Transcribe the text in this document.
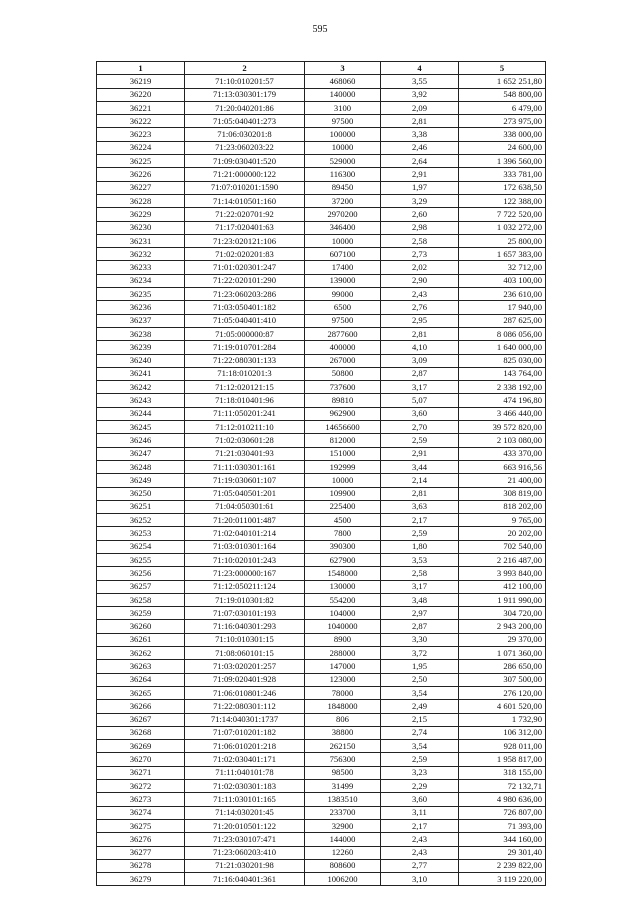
595
1	2	3	4	5
36219	71:10:010201:57	468060	3,55	1 652 251,80
36220	71:13:030301:179	140000	3,92	548 800,00
36221	71:20:040201:86	3100	2,09	6 479,00
36222	71:05:040401:273	97500	2,81	273 975,00
36223	71:06:030201:8	100000	3,38	338 000,00
36224	71:23:060203:22	10000	2,46	24 600,00
36225	71:09:030401:520	529000	2,64	1 396 560,00
36226	71:21:000000:122	116300	2,91	333 781,00
36227	71:07:010201:1590	89450	1,97	172 638,50
36228	71:14:010501:160	37200	3,29	122 388,00
36229	71:22:020701:92	2970200	2,60	7 722 520,00
36230	71:17:020401:63	346400	2,98	1 032 272,00
36231	71:23:020121:106	10000	2,58	25 800,00
36232	71:02:020201:83	607100	2,73	1 657 383,00
36233	71:01:020301:247	17400	2,02	32 712,00
36234	71:22:020101:290	139000	2,90	403 100,00
36235	71:23:060203:286	99000	2,43	236 610,00
36236	71:03:050401:182	6500	2,76	17 940,00
36237	71:05:040401:410	97500	2,95	287 625,00
36238	71:05:000000:87	2877600	2,81	8 086 056,00
36239	71:19:010701:284	400000	4,10	1 640 000,00
36240	71:22:080301:133	267000	3,09	825 030,00
36241	71:18:010201:3	50800	2,87	143 764,00
36242	71:12:020121:15	737600	3,17	2 338 192,00
36243	71:18:010401:96	89810	5,07	474 196,80
36244	71:11:050201:241	962900	3,60	3 466 440,00
36245	71:12:010211:10	14656600	2,70	39 572 820,00
36246	71:02:030601:28	812000	2,59	2 103 080,00
36247	71:21:030401:93	151000	2,91	433 370,00
36248	71:11:030301:161	192999	3,44	663 916,56
36249	71:19:030601:107	10000	2,14	21 400,00
36250	71:05:040501:201	109900	2,81	308 819,00
36251	71:04:050301:61	225400	3,63	818 202,00
36252	71:20:011001:487	4500	2,17	9 765,00
36253	71:02:040101:214	7800	2,59	20 202,00
36254	71:03:010301:164	390300	1,80	702 540,00
36255	71:10:020101:243	627900	3,53	2 216 487,00
36256	71:23:000000:167	1548000	2,58	3 993 840,00
36257	71:12:050211:124	130000	3,17	412 100,00
36258	71:19:010301:82	554200	3,48	1 911 990,00
36259	71:07:030101:193	104000	2,97	304 720,00
36260	71:16:040301:293	1040000	2,87	2 943 200,00
36261	71:10:010301:15	8900	3,30	29 370,00
36262	71:08:060101:15	288000	3,72	1 071 360,00
36263	71:03:020201:257	147000	1,95	286 650,00
36264	71:09:020401:928	123000	2,50	307 500,00
36265	71:06:010801:246	78000	3,54	276 120,00
36266	71:22:080301:112	1848000	2,49	4 601 520,00
36267	71:14:040301:1737	806	2,15	1 732,90
36268	71:07:010201:182	38800	2,74	106 312,00
36269	71:06:010201:218	262150	3,54	928 011,00
36270	71:02:030401:171	756300	2,59	1 958 817,00
36271	71:11:040101:78	98500	3,23	318 155,00
36272	71:02:030301:183	31499	2,29	72 132,71
36273	71:11:030101:165	1383510	3,60	4 980 636,00
36274	71:14:030201:45	233700	3,11	726 807,00
36275	71:20:010501:122	32900	2,17	71 393,00
36276	71:23:030107:471	144000	2,43	344 160,00
36277	71:23:060203:410	12260	2,43	29 301,40
36278	71:21:030201:98	808600	2,77	2 239 822,00
36279	71:16:040401:361	1006200	3,10	3 119 220,00
